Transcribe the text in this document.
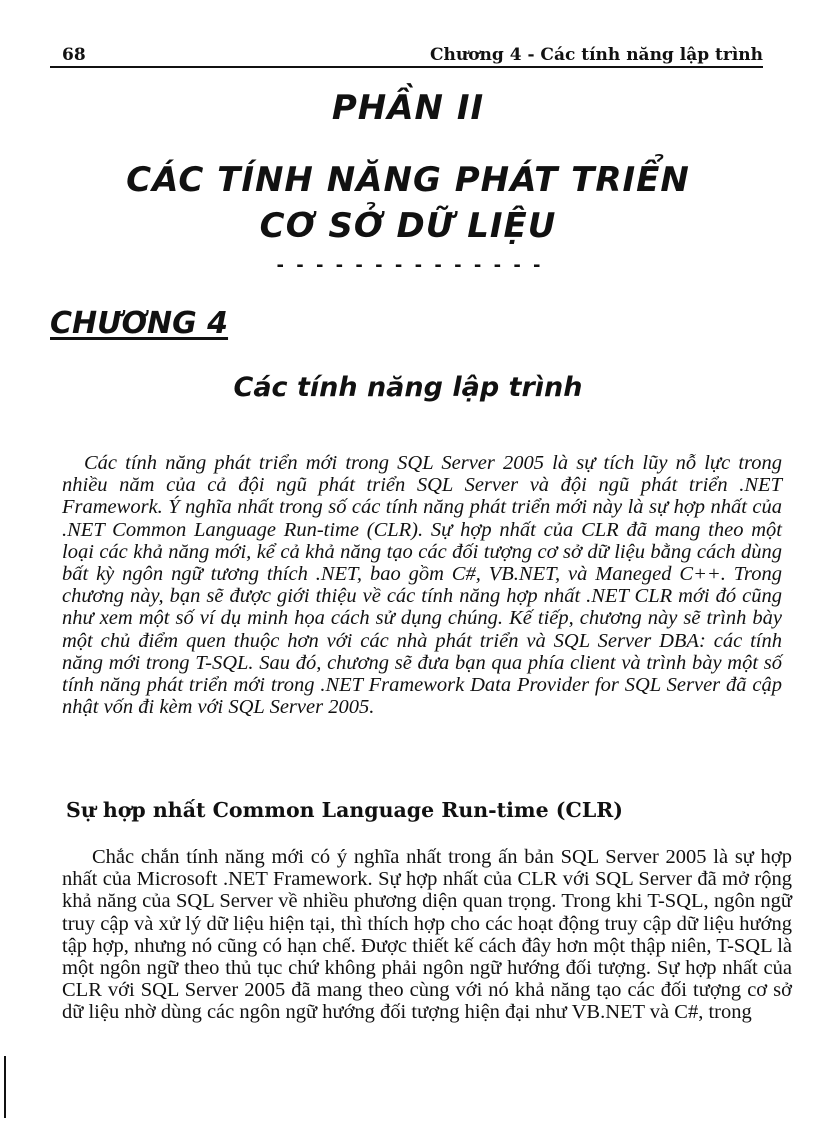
68	Chương 4 - Các tính năng lập trình
PHẦN II
CÁC TÍNH NĂNG PHÁT TRIỂN
CƠ SỞ DỮ LIỆU
- - - - - - - - - - - - - -
CHƯƠNG 4
Các tính năng lập trình

Các tính năng phát triển mới trong SQL Server 2005 là sự tích lũy nỗ lực trong nhiều năm của cả đội ngũ phát triển SQL Server và đội ngũ phát triển .NET Framework. Ý nghĩa nhất trong số các tính năng phát triển mới này là sự hợp nhất của .NET Common Language Run-time (CLR). Sự hợp nhất của CLR đã mang theo một loại các khả năng mới, kể cả khả năng tạo các đối tượng cơ sở dữ liệu bằng cách dùng bất kỳ ngôn ngữ tương thích .NET, bao gồm C#, VB.NET, và Maneged C++. Trong chương này, bạn sẽ được giới thiệu về các tính năng hợp nhất .NET CLR mới đó cũng như xem một số ví dụ minh họa cách sử dụng chúng. Kế tiếp, chương này sẽ trình bày một chủ điểm quen thuộc hơn với các nhà phát triển và SQL Server DBA: các tính năng mới trong T-SQL. Sau đó, chương sẽ đưa bạn qua phía client và trình bày một số tính năng phát triển mới trong .NET Framework Data Provider for SQL Server đã cập nhật vốn đi kèm với SQL Server 2005.

Sự hợp nhất Common Language Run-time (CLR)

Chắc chắn tính năng mới có ý nghĩa nhất trong ấn bản SQL Server 2005 là sự hợp nhất của Microsoft .NET Framework. Sự hợp nhất của CLR với SQL Server đã mở rộng khả năng của SQL Server về nhiều phương diện quan trọng. Trong khi T-SQL, ngôn ngữ truy cập và xử lý dữ liệu hiện tại, thì thích hợp cho các hoạt động truy cập dữ liệu hướng tập hợp, nhưng nó cũng có hạn chế. Được thiết kế cách đây hơn một thập niên, T-SQL là một ngôn ngữ theo thủ tục chứ không phải ngôn ngữ hướng đối tượng. Sự hợp nhất của CLR với SQL Server 2005 đã mang theo cùng với nó khả năng tạo các đối tượng cơ sở dữ liệu nhờ dùng các ngôn ngữ hướng đối tượng hiện đại như VB.NET và C#, trong
